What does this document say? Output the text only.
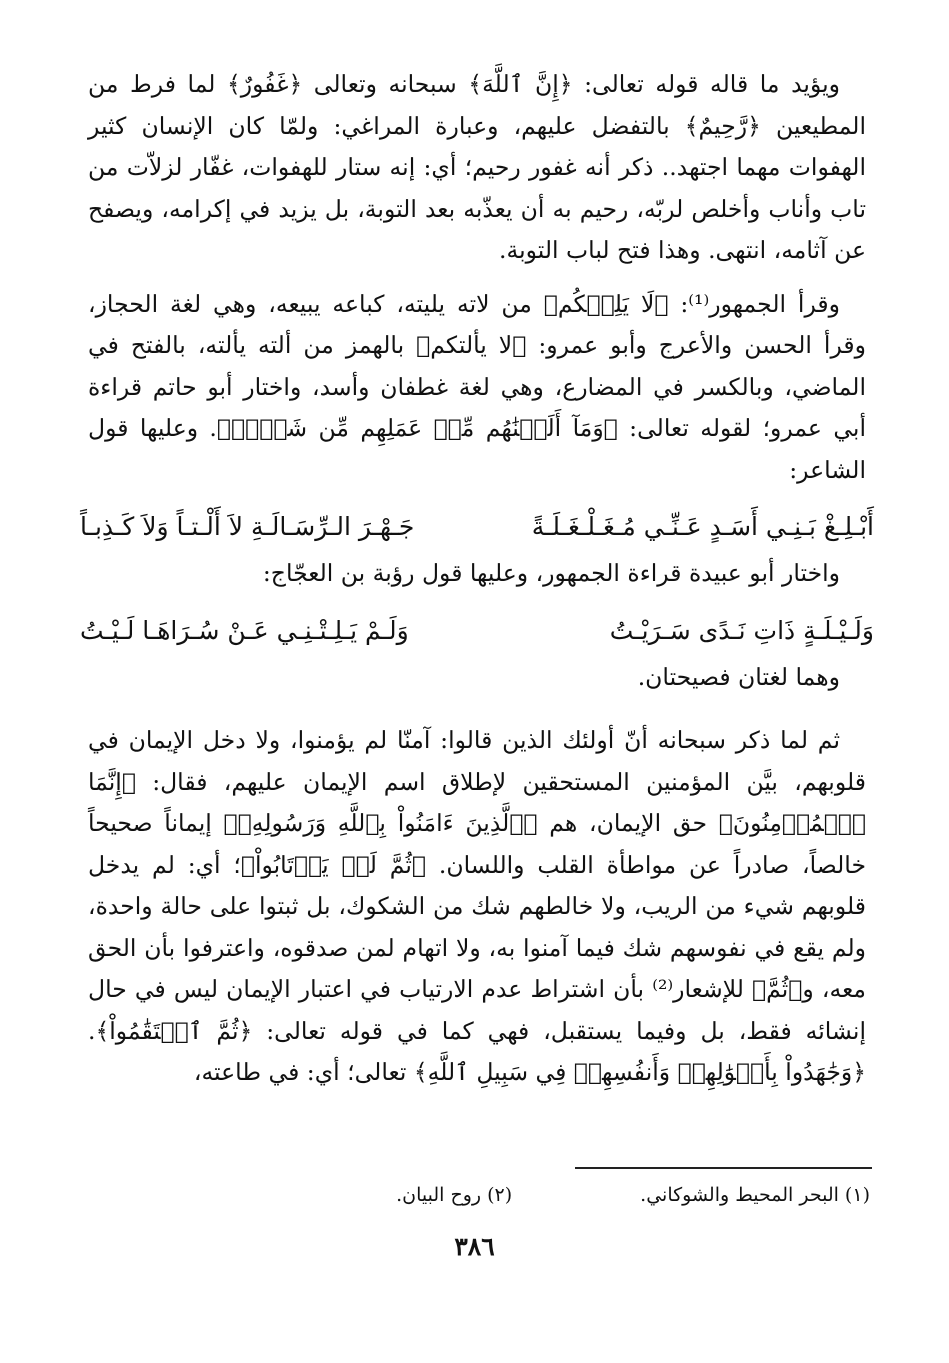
ويؤيد ما قاله قوله تعالى: ﴿إِنَّ ٱللَّهَ﴾ سبحانه وتعالى ﴿غَفُورٌ﴾ لما فرط من المطيعين ﴿رَّحِيمٌ﴾ بالتفضل عليهم، وعبارة المراغي: ولمّا كان الإنسان كثير الهفوات مهما اجتهد.. ذكر أنه غفور رحيم؛ أي: إنه ستار للهفوات، غفّار لزلاّت من تاب وأناب وأخلص لربّه، رحيم به أن يعذّبه بعد التوبة، بل يزيد في إكرامه، ويصفح عن آثامه، انتهى. وهذا فتح لباب التوبة.

وقرأ الجمهور⁽¹⁾: ﴿لَا يَلِتۡكُم﴾ من لاته يليته، كباعه يبيعه، وهي لغة الحجاز، وقرأ الحسن والأعرج وأبو عمرو: ﴿لا يألتكم﴾ بالهمز من ألته يألته، بالفتح في الماضي، وبالكسر في المضارع، وهي لغة غطفان وأسد، واختار أبو حاتم قراءة أبي عمرو؛ لقوله تعالى: ﴿وَمَآ أَلَتۡنَٰهُم مِّنۡ عَمَلِهِم مِّن شَيۡءٖ﴾. وعليها قول الشاعر:

أَبْـلِـغْ بَـنِـي أَسَـدٍ عَـنِّـي مُـغَـلْـغَـلَـةً
جَـهْـرَ الـرِّسَـالَـةِ لاَ أَلْـتـاً وَلاَ كَـذِبـاً

واختار أبو عبيدة قراءة الجمهور، وعليها قول رؤبة بن العجّاج:

وَلَـيْـلَـةٍ ذَاتِ نَـدًى سَـرَيْـتُ
وَلَـمْ يَـلِـتْـنِـي عَـنْ سُـرَاهَـا لَـيْـتُ

وهما لغتان فصيحتان.

ثم لما ذكر سبحانه أنّ أولئك الذين قالوا: آمنّا لم يؤمنوا، ولا دخل الإيمان في قلوبهم، بيَّن المؤمنين المستحقين لإطلاق اسم الإيمان عليهم، فقال: ﴿إِنَّمَا ٱلۡمُؤۡمِنُونَ﴾ حق الإيمان، هم ﴿ٱلَّذِينَ ءَامَنُواْ بِٱللَّهِ وَرَسُولِهِۦ﴾ إيماناً صحيحاً خالصاً، صادراً عن مواطأة القلب واللسان. ﴿ثُمَّ لَمۡ يَرۡتَابُواْ﴾؛ أي: لم يدخل قلوبهم شيء من الريب، ولا خالطهم شك من الشكوك، بل ثبتوا على حالة واحدة، ولم يقع في نفوسهم شك فيما آمنوا به، ولا اتهام لمن صدقوه، واعترفوا بأن الحق معه، و﴿ثُمَّ﴾ للإشعار⁽²⁾ بأن اشتراط عدم الارتياب في اعتبار الإيمان ليس في حال إنشائه فقط، بل وفيما يستقبل، فهي كما في قوله تعالى: ﴿ثُمَّ ٱسۡتَقَٰمُواْ﴾. ﴿وَجَٰهَدُواْ بِأَمۡوَٰلِهِمۡ وَأَنفُسِهِمۡ فِي سَبِيلِ ٱللَّهِ﴾ تعالى؛ أي: في طاعته،

(١) البحر المحيط والشوكاني.
(٢) روح البيان.
٣٨٦
